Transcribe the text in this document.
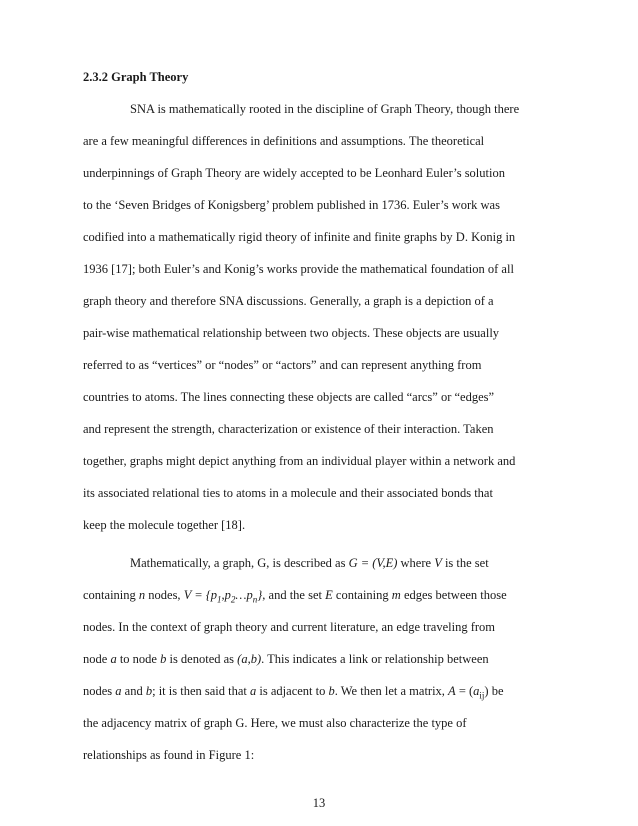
2.3.2 Graph Theory
SNA is mathematically rooted in the discipline of Graph Theory, though there
are a few meaningful differences in definitions and assumptions. The theoretical
underpinnings of Graph Theory are widely accepted to be Leonhard Euler’s solution
to the ‘Seven Bridges of Konigsberg’ problem published in 1736. Euler’s work was
codified into a mathematically rigid theory of infinite and finite graphs by D. Konig in
1936 [17]; both Euler’s and Konig’s works provide the mathematical foundation of all
graph theory and therefore SNA discussions. Generally, a graph is a depiction of a
pair-wise mathematical relationship between two objects. These objects are usually
referred to as “vertices” or “nodes” or “actors” and can represent anything from
countries to atoms. The lines connecting these objects are called “arcs” or “edges”
and represent the strength, characterization or existence of their interaction. Taken
together, graphs might depict anything from an individual player within a network and
its associated relational ties to atoms in a molecule and their associated bonds that
keep the molecule together [18].
Mathematically, a graph, G, is described as G = (V,E) where V is the set
containing n nodes, $V = \{p_1,p_2\dots p_n\}$, and the set E containing m edges between those
nodes. In the context of graph theory and current literature, an edge traveling from
node a to node b is denoted as (a,b). This indicates a link or relationship between
nodes a and b; it is then said that a is adjacent to b. We then let a matrix, $A = (a_{ij})$ be
the adjacency matrix of graph G. Here, we must also characterize the type of
relationships as found in Figure 1:
13
